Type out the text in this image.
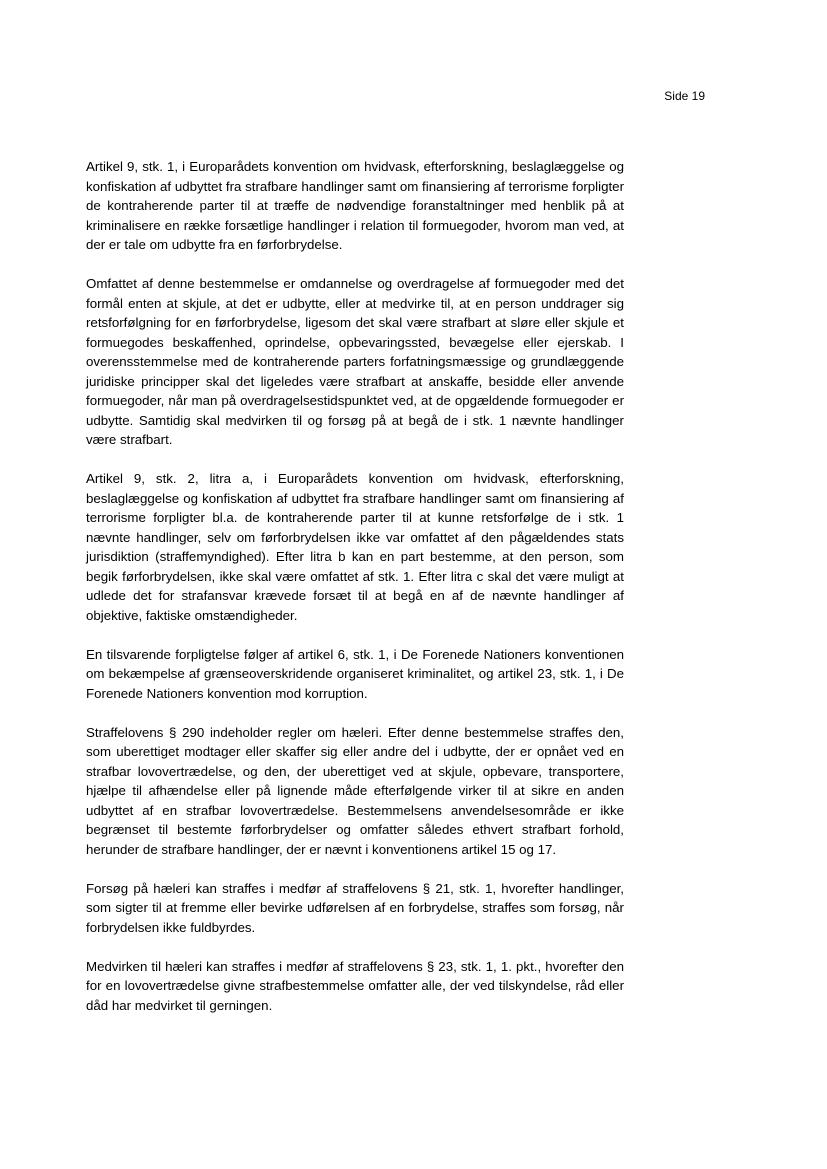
Side 19

Artikel 9, stk. 1, i Europarådets konvention om hvidvask, efterforskning, beslaglæggelse og konfiskation af udbyttet fra strafbare handlinger samt om finansiering af terrorisme forpligter de kontraherende parter til at træffe de nødvendige foranstaltninger med henblik på at kriminalisere en række forsætlige handlinger i relation til formuegoder, hvorom man ved, at der er tale om udbytte fra en førforbrydelse.

Omfattet af denne bestemmelse er omdannelse og overdragelse af formuegoder med det formål enten at skjule, at det er udbytte, eller at medvirke til, at en person unddrager sig retsforfølgning for en førforbrydelse, ligesom det skal være strafbart at sløre eller skjule et formuegodes beskaffenhed, oprindelse, opbevaringssted, bevægelse eller ejerskab. I overensstemmelse med de kontraherende parters forfatningsmæssige og grundlæggende juridiske principper skal det ligeledes være strafbart at anskaffe, besidde eller anvende formuegoder, når man på overdragelsestidspunktet ved, at de opgældende formuegoder er udbytte. Samtidig skal medvirken til og forsøg på at begå de i stk. 1 nævnte handlinger være strafbart.

Artikel 9, stk. 2, litra a, i Europarådets konvention om hvidvask, efterforskning, beslaglæggelse og konfiskation af udbyttet fra strafbare handlinger samt om finansiering af terrorisme forpligter bl.a. de kontraherende parter til at kunne retsforfølge de i stk. 1 nævnte handlinger, selv om førforbrydelsen ikke var omfattet af den pågældendes stats jurisdiktion (straffemyndighed). Efter litra b kan en part bestemme, at den person, som begik førforbrydelsen, ikke skal være omfattet af stk. 1. Efter litra c skal det være muligt at udlede det for strafansvar krævede forsæt til at begå en af de nævnte handlinger af objektive, faktiske omstændigheder.

En tilsvarende forpligtelse følger af artikel 6, stk. 1, i De Forenede Nationers konventionen om bekæmpelse af grænseoverskridende organiseret kriminalitet, og artikel 23, stk. 1, i De Forenede Nationers konvention mod korruption.

Straffelovens § 290 indeholder regler om hæleri. Efter denne bestemmelse straffes den, som uberettiget modtager eller skaffer sig eller andre del i udbytte, der er opnået ved en strafbar lovovertrædelse, og den, der uberettiget ved at skjule, opbevare, transportere, hjælpe til afhændelse eller på lignende måde efterfølgende virker til at sikre en anden udbyttet af en strafbar lovovertrædelse. Bestemmelsens anvendelsesområde er ikke begrænset til bestemte førforbrydelser og omfatter således ethvert strafbart forhold, herunder de strafbare handlinger, der er nævnt i konventionens artikel 15 og 17.

Forsøg på hæleri kan straffes i medfør af straffelovens § 21, stk. 1, hvorefter handlinger, som sigter til at fremme eller bevirke udførelsen af en forbrydelse, straffes som forsøg, når forbrydelsen ikke fuldbyrdes.

Medvirken til hæleri kan straffes i medfør af straffelovens § 23, stk. 1, 1. pkt., hvorefter den for en lovovertrædelse givne strafbestemmelse omfatter alle, der ved tilskyndelse, råd eller dåd har medvirket til gerningen.
